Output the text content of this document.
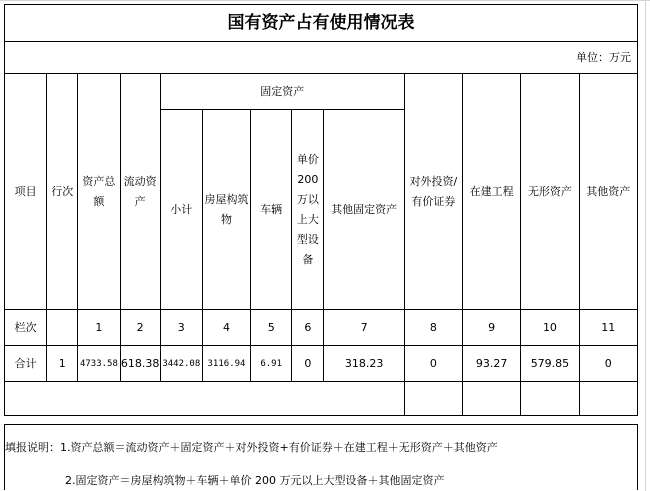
国有资产占有使用情况表												
单位：万元												
项目	行次	资产总额	流动资产	固定资产					对外投资/有价证券	在建工程	无形资产	其他资产
				小计	房屋构筑物	车辆	单价200万以上大型设备	其他固定资产				
栏次		1	2	3	4	5	6	7	8	9	10	11
合计	1	4733.58	618.38	3442.08	3116.94	6.91	0	318.23	0	93.27	579.85	0

填报说明：1.资产总额＝流动资产＋固定资产＋对外投资+有价证券＋在建工程＋无形资产＋其他资产
2.固定资产＝房屋构筑物＋车辆＋单价 200 万元以上大型设备＋其他固定资产
